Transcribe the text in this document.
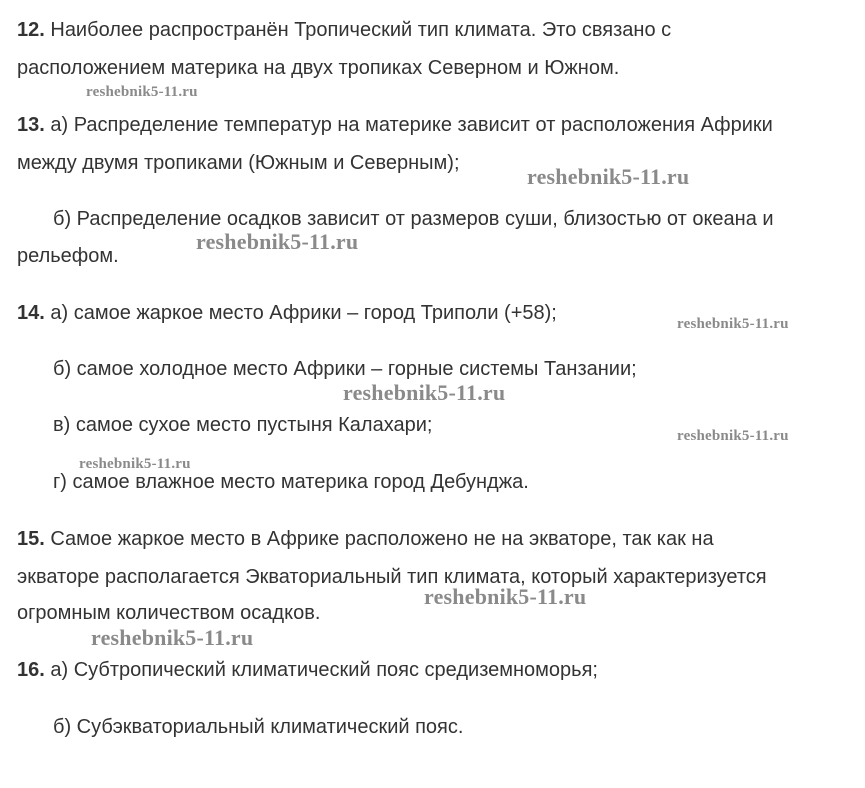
12. Наиболее распространён Тропический тип климата. Это связано с
расположением материка на двух тропиках Северном и Южном.
13. а) Распределение температур на материке зависит от расположения Африки
между двумя тропиками (Южным и Северным);
б) Распределение осадков зависит от размеров суши, близостью от океана и
рельефом.
14. а) самое жаркое место Африки – город Триполи (+58);
б) самое холодное место Африки – горные системы Танзании;
в) самое сухое место пустыня Калахари;
г) самое влажное место материка город Дебунджа.
15. Самое жаркое место в Африке расположено не на экваторе, так как на
экваторе располагается Экваториальный тип климата, который характеризуется
огромным количеством осадков.
16. а) Субтропический климатический пояс средиземноморья;
б) Субэкваториальный климатический пояс.
reshebnik5-11.ru
reshebnik5-11.ru
reshebnik5-11.ru
reshebnik5-11.ru
reshebnik5-11.ru
reshebnik5-11.ru
reshebnik5-11.ru
reshebnik5-11.ru
reshebnik5-11.ru
